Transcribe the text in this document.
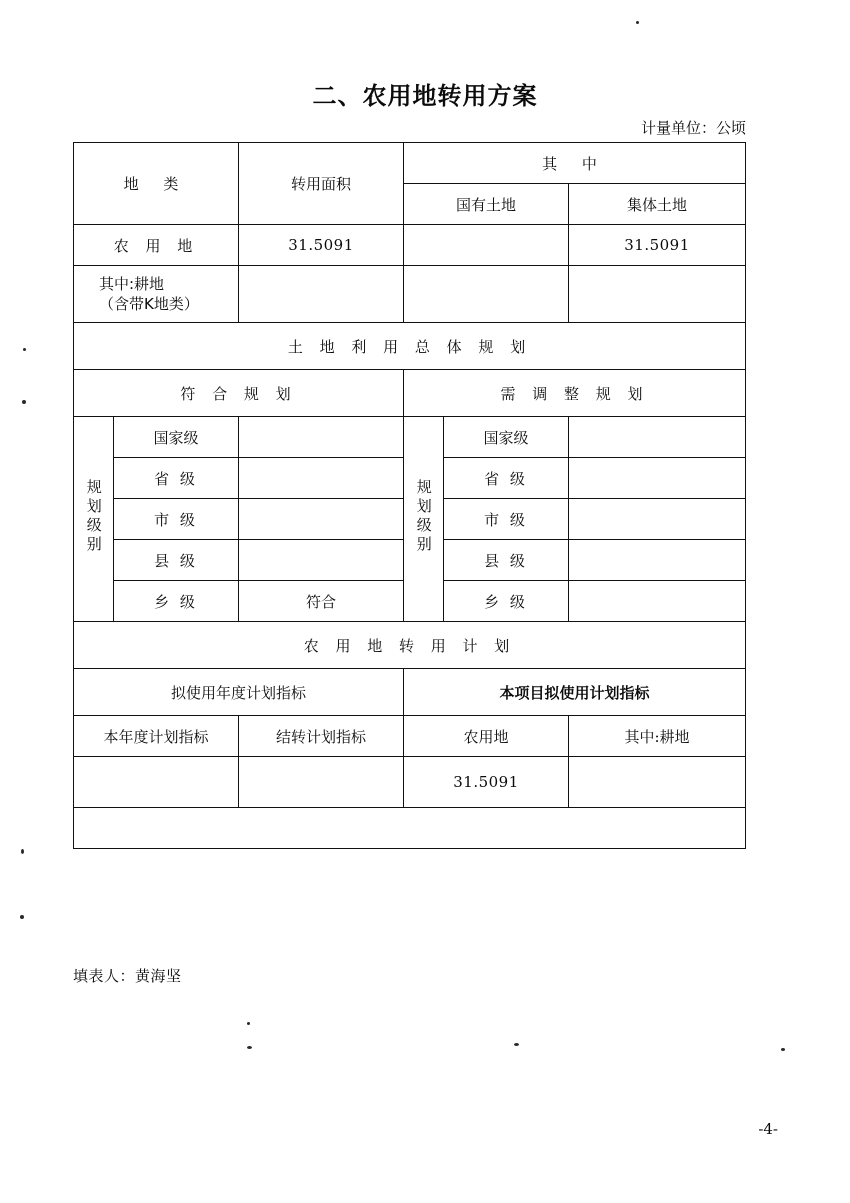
二、农用地转用方案
计量单位：公顷
地 类		转用面积	其 中		
			国有土地		集体土地
农 用 地		31.5091			31.5091

其中:耕地
（含带K地类）					

土 地 利 用 总 体 规 划					
符 合 规 划			需 调 整 规 划		
规划级别	国家级		规划级别	国家级	
	省 级			省 级	
	市 级			市 级	
	县 级			县 级	
	乡 级	符合		乡 级	
农 用 地 转 用 计 划					
拟使用年度计划指标			本项目拟使用计划指标		
本年度计划指标		结转计划指标	农用地		其中:耕地
			31.5091		

填表人：黄海坚
-4-
